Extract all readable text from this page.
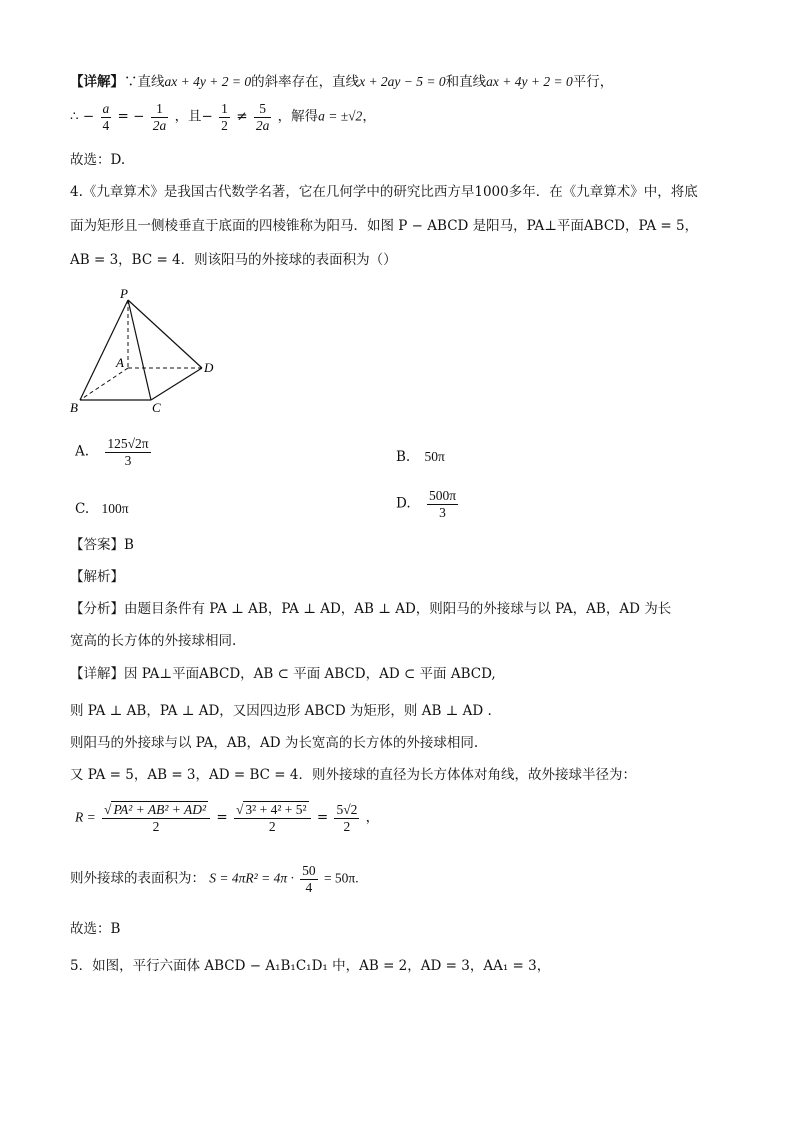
【详解】∵直线ax + 4y + 2 = 0的斜率存在，直线x + 2ay − 5 = 0和直线ax + 4y + 2 = 0平行，
∴ − $\frac{a}{4}$ = − $\frac{1}{2a}$ ，且− $\frac{1}{2} \ne \frac{5}{2a}$ ，解得a = ±√2，
故选：D.
4.《九章算术》是我国古代数学名著，它在几何学中的研究比西方早1000多年．在《九章算术》中，将底
面为矩形且一侧棱垂直于底面的四棱锥称为阳马．如图 P − ABCD 是阳马，PA⊥平面ABCD，PA = 5，
AB = 3，BC = 4．则该阳马的外接球的表面积为（）
P
A
B	C
D
A. $\frac{125√2\pi}{3}$	B. 50π
C. 100π	D. $\frac{500\pi}{3}$
【答案】B
【解析】
【分析】由题目条件有 PA ⊥ AB，PA ⊥ AD，AB ⊥ AD，则阳马的外接球与以 PA，AB，AD 为长
宽高的长方体的外接球相同.
【详解】因 PA⊥平面ABCD，AB ⊂ 平面 ABCD，AD ⊂ 平面 ABCD,
则 PA ⊥ AB，PA ⊥ AD，又因四边形 ABCD 为矩形，则 AB ⊥ AD .
则阳马的外接球与以 PA，AB，AD 为长宽高的长方体的外接球相同.
又 PA = 5，AB = 3，AD = BC = 4．则外接球的直径为长方体体对角线，故外接球半径为：
$R = \frac{\text{√ PA² + AB² + AD²}}{2} = \frac{\text{√ 3² + 4² + 5²}}{2} = \frac{5√2}{2}$ ，
则外接球的表面积为： $S = 4\pi R^2 = 4\pi \cdot \frac{50}{4} = 50\pi$.
故选：B
5．如图，平行六面体 ABCD − A₁B₁C₁D₁ 中，AB = 2，AD = 3，AA₁ = 3，
